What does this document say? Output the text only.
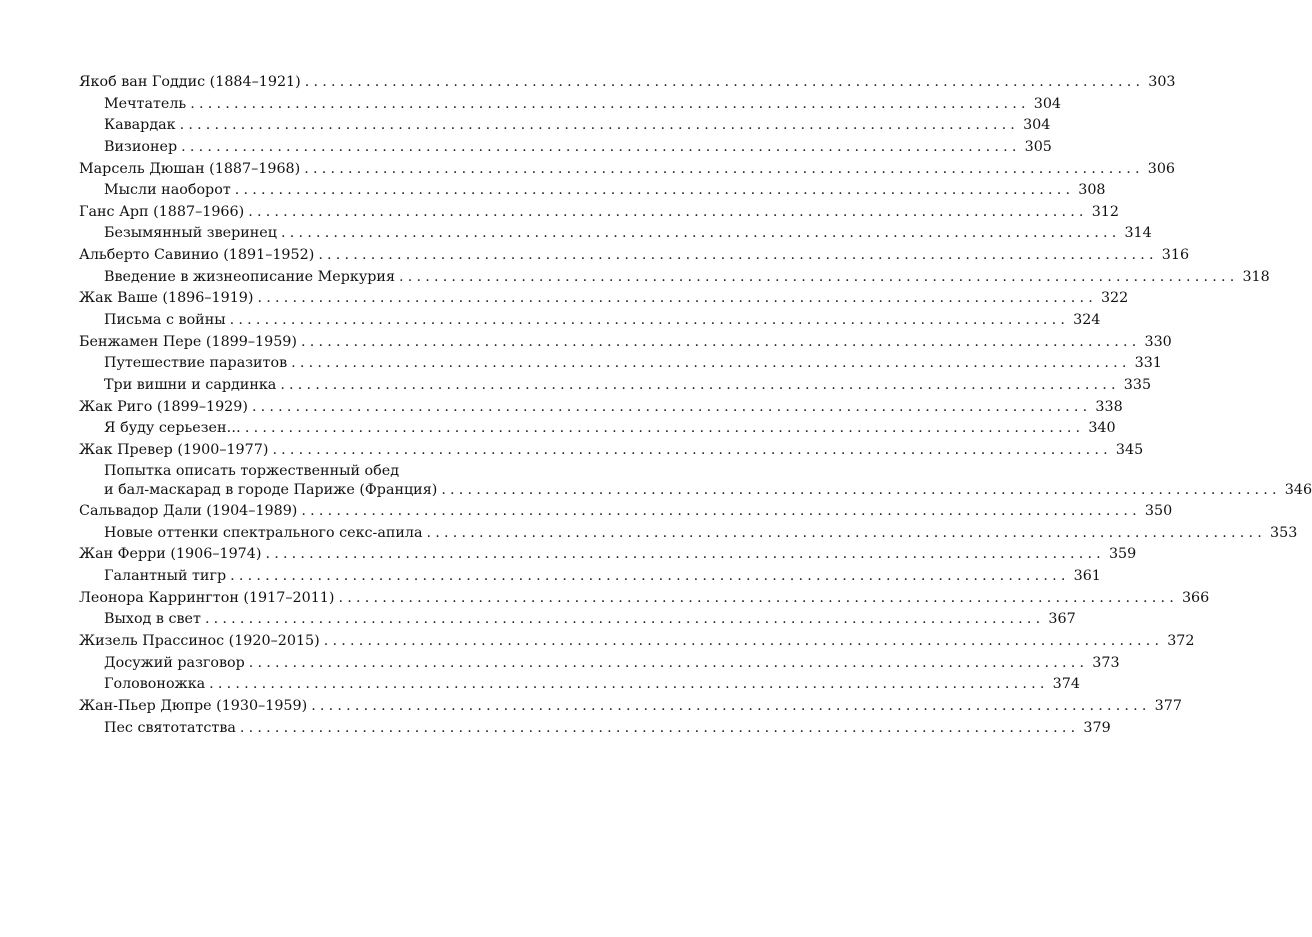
Якоб ван Годдис (1884–1921) ................................................................................................ 303
Мечтатель ................................................................................................ 304
Кавардак ................................................................................................ 304
Визионер ................................................................................................ 305
Марсель Дюшан (1887–1968) ................................................................................................ 306
Мысли наоборот ................................................................................................ 308
Ганс Арп (1887–1966) ................................................................................................ 312
Безымянный зверинец ................................................................................................ 314
Альберто Савинио (1891–1952) ................................................................................................ 316
Введение в жизнеописание Меркурия ................................................................................................ 318
Жак Ваше (1896–1919) ................................................................................................ 322
Письма с войны ................................................................................................ 324
Бенжамен Пере (1899–1959) ................................................................................................ 330
Путешествие паразитов ................................................................................................ 331
Три вишни и сардинка ................................................................................................ 335
Жак Риго (1899–1929) ................................................................................................ 338
Я буду серьезен… ................................................................................................ 340
Жак Превер (1900–1977) ................................................................................................ 345
Попытка описать торжественный обед
и бал-маскарад в городе Париже (Франция) ................................................................................................ 346
Сальвадор Дали (1904–1989) ................................................................................................ 350
Новые оттенки спектрального секс-апила ................................................................................................ 353
Жан Ферри (1906–1974) ................................................................................................ 359
Галантный тигр ................................................................................................ 361
Леонора Каррингтон (1917–2011) ................................................................................................ 366
Выход в свет ................................................................................................ 367
Жизель Прассинос (1920–2015) ................................................................................................ 372
Досужий разговор ................................................................................................ 373
Головоножка ................................................................................................ 374
Жан-Пьер Дюпре (1930–1959) ................................................................................................ 377
Пес святотатства ................................................................................................ 379
